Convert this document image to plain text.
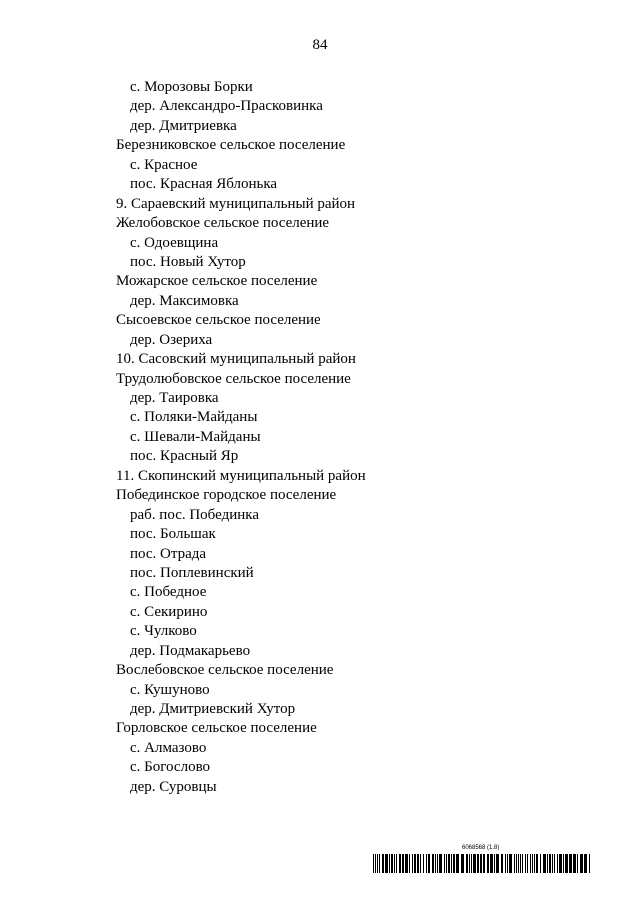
84
с. Морозовы Борки
дер. Александро-Прасковинка
дер. Дмитриевка
Березниковское сельское поселение
с. Красное
пос. Красная Яблонька
9. Сараевский муниципальный район
Желобовское сельское поселение
с. Одоевщина
пос. Новый Хутор
Можарское сельское поселение
дер. Максимовка
Сысоевское сельское поселение
дер. Озериха
10. Сасовский муниципальный район
Трудолюбовское сельское поселение
дер. Таировка
с. Поляки-Майданы
с. Шевали-Майданы
пос. Красный Яр
11. Скопинский муниципальный район
Побединское городское поселение
раб. пос. Побединка
пос. Большак
пос. Отрада
пос. Поплевинский
с. Победное
с. Секирино
с. Чулково
дер. Подмакарьево
Вослебовское сельское поселение
с. Кушуново
дер. Дмитриевский Хутор
Горловское сельское поселение
с. Алмазово
с. Богослово
дер. Суровцы
6068568 (1.8)
